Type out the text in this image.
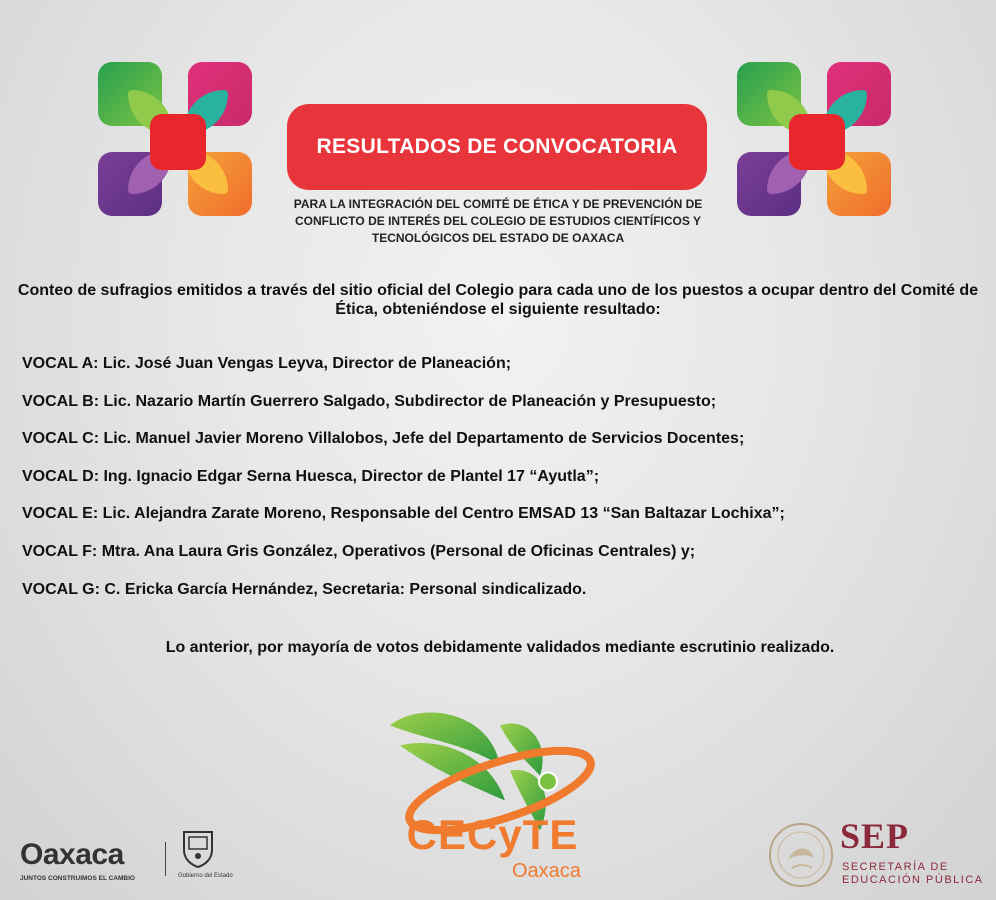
RESULTADOS DE CONVOCATORIA
PARA LA INTEGRACIÓN DEL COMITÉ DE ÉTICA Y DE PREVENCIÓN DE CONFLICTO DE INTERÉS DEL COLEGIO DE ESTUDIOS CIENTÍFICOS Y TECNOLÓGICOS DEL ESTADO DE OAXACA
Conteo de sufragios emitidos a través del sitio oficial del Colegio para cada uno de los puestos a ocupar dentro del Comité de Ética, obteniéndose el siguiente resultado:
VOCAL A: Lic. José Juan Vengas Leyva, Director de Planeación;
VOCAL B: Lic. Nazario Martín Guerrero Salgado, Subdirector de Planeación y Presupuesto;
VOCAL C: Lic. Manuel Javier Moreno Villalobos, Jefe del Departamento de Servicios Docentes;
VOCAL D: Ing. Ignacio Edgar Serna Huesca, Director de Plantel 17 “Ayutla”;
VOCAL E: Lic. Alejandra Zarate Moreno, Responsable del Centro EMSAD 13 “San Baltazar Lochixa”;
VOCAL F: Mtra. Ana Laura Gris González, Operativos (Personal de Oficinas Centrales) y;
VOCAL G: C. Ericka García Hernández, Secretaria: Personal sindicalizado.
Lo anterior, por mayoría de votos debidamente validados mediante escrutinio realizado.
CECyTE
Oaxaca
Oaxaca
JUNTOS CONSTRUIMOS EL CAMBIO	Gobierno del Estado
SEP
SECRETARÍA DE
EDUCACIÓN PÚBLICA
